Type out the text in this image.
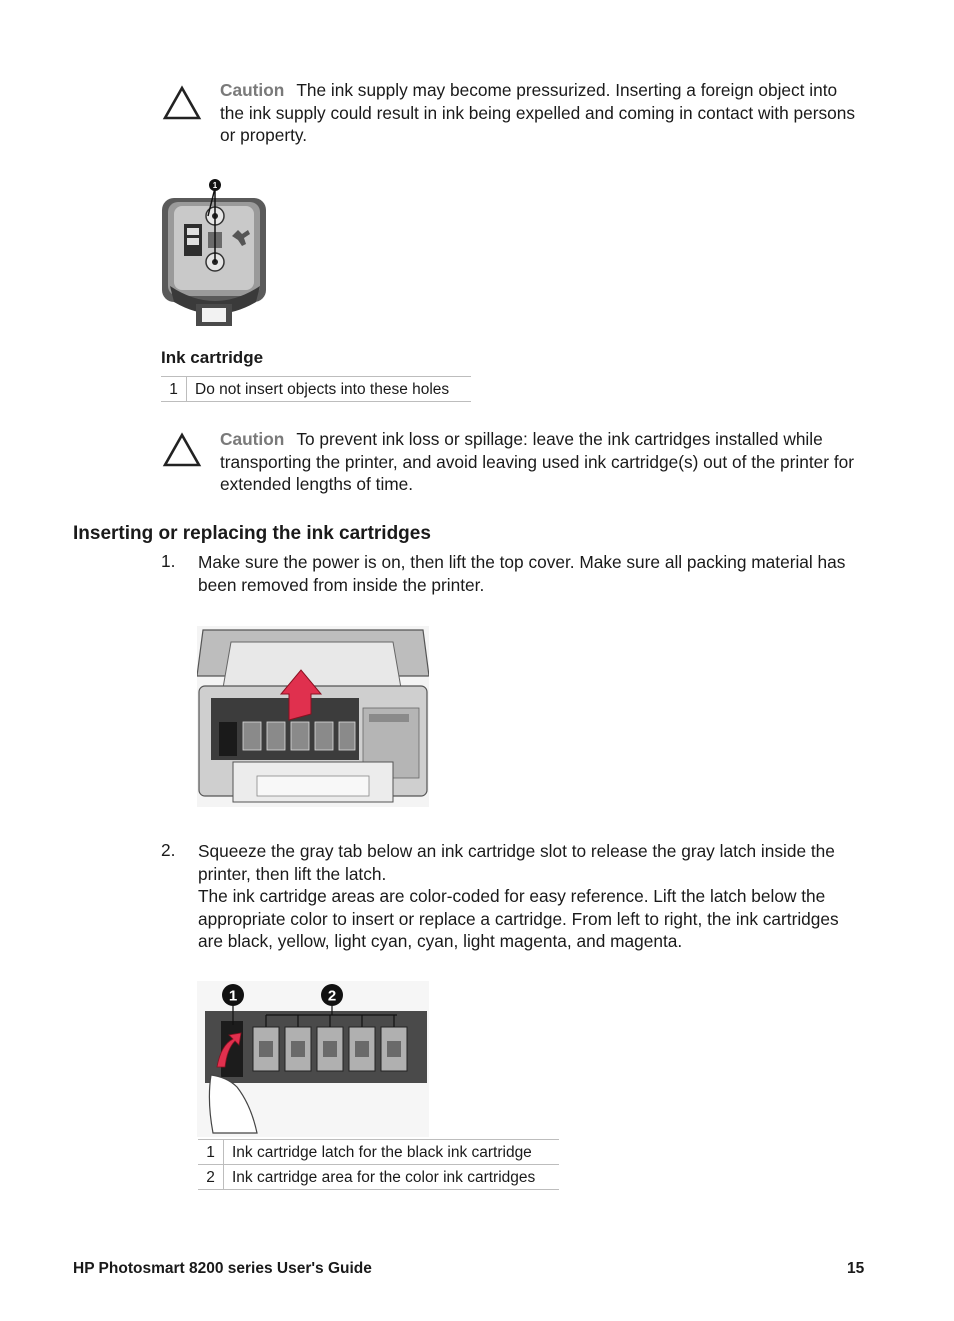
Caution The ink supply may become pressurized. Inserting a foreign object into the ink supply could result in ink being expelled and coming in contact with persons or property.
1
Ink cartridge
1	Do not insert objects into these holes
Caution To prevent ink loss or spillage: leave the ink cartridges installed while transporting the printer, and avoid leaving used ink cartridge(s) out of the printer for extended lengths of time.
Inserting or replacing the ink cartridges
1. Make sure the power is on, then lift the top cover. Make sure all packing material has been removed from inside the printer.
2. Squeeze the gray tab below an ink cartridge slot to release the gray latch inside the printer, then lift the latch.
The ink cartridge areas are color-coded for easy reference. Lift the latch below the appropriate color to insert or replace a cartridge. From left to right, the ink cartridges are black, yellow, light cyan, cyan, light magenta, and magenta.
1	2
1	Ink cartridge latch for the black ink cartridge
2	Ink cartridge area for the color ink cartridges
HP Photosmart 8200 series User's Guide	15
